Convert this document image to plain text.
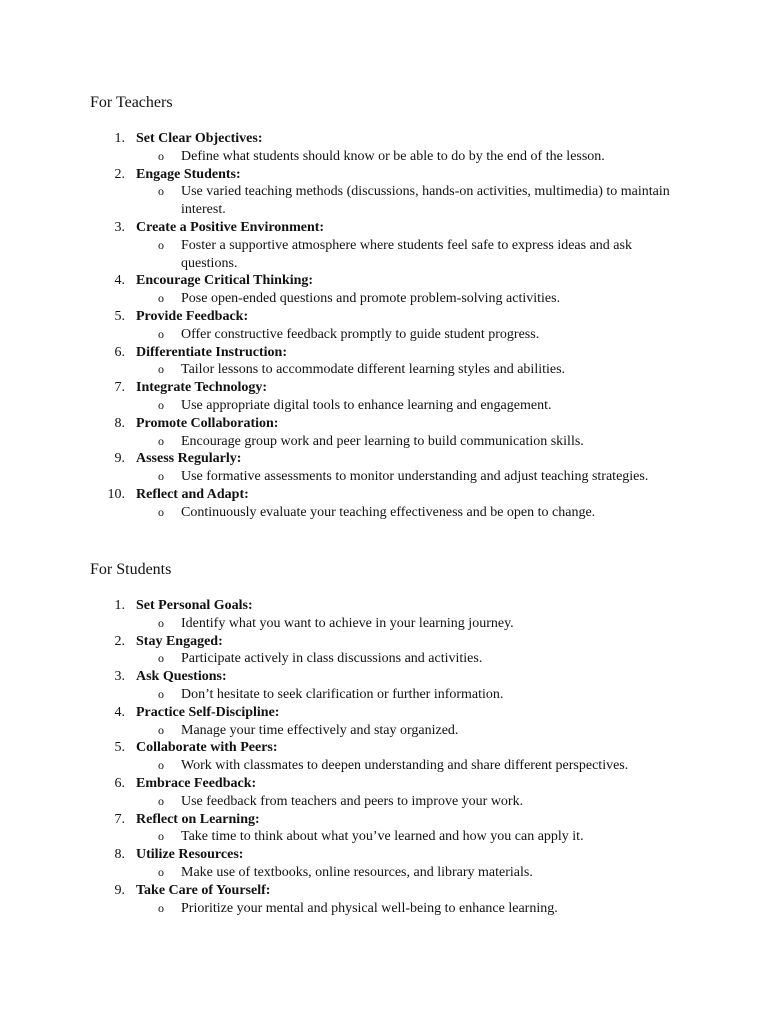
For Teachers
1. Set Clear Objectives:
o Define what students should know or be able to do by the end of the lesson.
2. Engage Students:
o Use varied teaching methods (discussions, hands-on activities, multimedia) to maintain interest.
3. Create a Positive Environment:
o Foster a supportive atmosphere where students feel safe to express ideas and ask questions.
4. Encourage Critical Thinking:
o Pose open-ended questions and promote problem-solving activities.
5. Provide Feedback:
o Offer constructive feedback promptly to guide student progress.
6. Differentiate Instruction:
o Tailor lessons to accommodate different learning styles and abilities.
7. Integrate Technology:
o Use appropriate digital tools to enhance learning and engagement.
8. Promote Collaboration:
o Encourage group work and peer learning to build communication skills.
9. Assess Regularly:
o Use formative assessments to monitor understanding and adjust teaching strategies.
10. Reflect and Adapt:
o Continuously evaluate your teaching effectiveness and be open to change.
For Students
1. Set Personal Goals:
o Identify what you want to achieve in your learning journey.
2. Stay Engaged:
o Participate actively in class discussions and activities.
3. Ask Questions:
o Don’t hesitate to seek clarification or further information.
4. Practice Self-Discipline:
o Manage your time effectively and stay organized.
5. Collaborate with Peers:
o Work with classmates to deepen understanding and share different perspectives.
6. Embrace Feedback:
o Use feedback from teachers and peers to improve your work.
7. Reflect on Learning:
o Take time to think about what you’ve learned and how you can apply it.
8. Utilize Resources:
o Make use of textbooks, online resources, and library materials.
9. Take Care of Yourself:
o Prioritize your mental and physical well-being to enhance learning.
